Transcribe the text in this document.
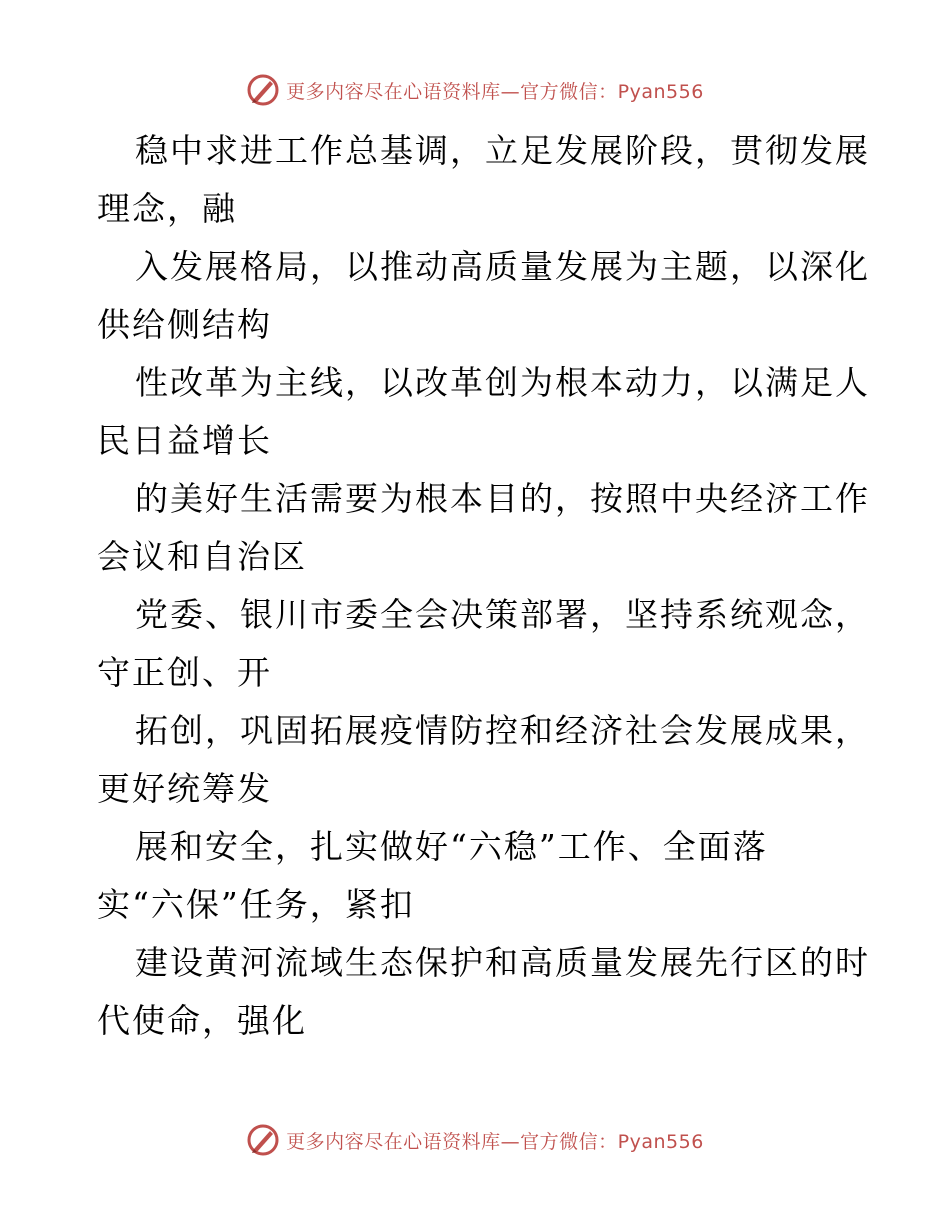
更多内容尽在心语资料库—官方微信：Pyan556

稳中求进工作总基调，立足发展阶段，贯彻发展
理念，融

入发展格局，以推动高质量发展为主题，以深化
供给侧结构

性改革为主线，以改革创为根本动力，以满足人
民日益增长

的美好生活需要为根本目的，按照中央经济工作
会议和自治区

党委、银川市委全会决策部署，坚持系统观念，
守正创、开

拓创，巩固拓展疫情防控和经济社会发展成果，
更好统筹发

展和安全，扎实做好“六稳”工作、全面落
实“六保”任务，紧扣

建设黄河流域生态保护和高质量发展先行区的时
代使命，强化

更多内容尽在心语资料库—官方微信：Pyan556
